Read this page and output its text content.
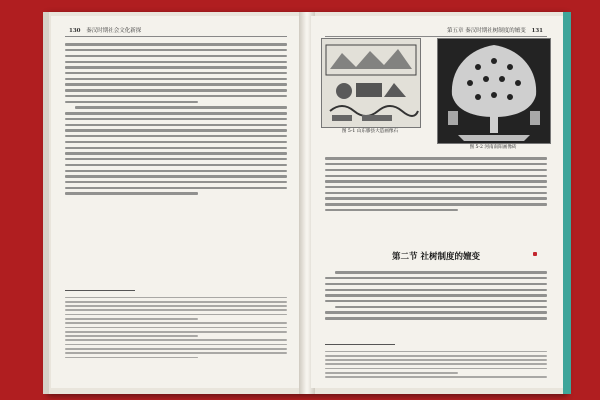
130 秦汉时期社会文化新探	第五章 秦汉时期社树制度的嬗变 131
图 5-1 山东滕县大造画像石
图 5-2 河南南阳画像砖
第二节 社树制度的嬗变
